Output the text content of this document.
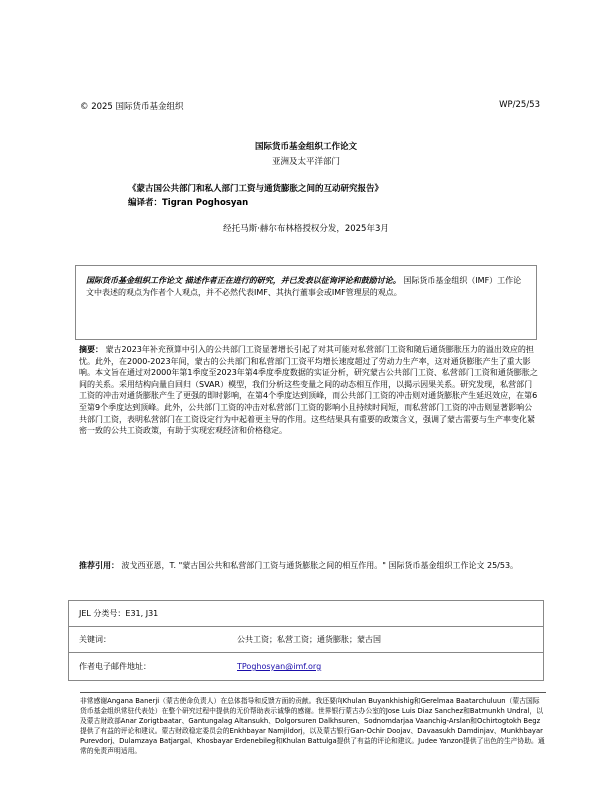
© 2025 国际货币基金组织	WP/25/53
国际货币基金组织工作论文
亚洲及太平洋部门
《蒙古国公共部门和私人部门工资与通货膨胀之间的互动研究报告》
编译者：Tigran Poghosyan
经托马斯·赫尔布林格授权分发，2025年3月
国际货币基金组织工作论文 描述作者正在进行的研究，并已发表以征询评论和鼓励讨论。 国际货币基金组织（IMF）工作论文中表述的观点为作者个人观点，并不必然代表IMF、其执行董事会或IMF管理层的观点。
摘要： 蒙古2023年补充预算中引入的公共部门工资显著增长引起了对其可能对私营部门工资和随后通货膨胀压力的溢出效应的担忧。此外，在2000-2023年间，蒙古的公共部门和私营部门工资平均增长速度超过了劳动力生产率，这对通货膨胀产生了重大影响。本文旨在通过对2000年第1季度至2023年第4季度季度数据的实证分析，研究蒙古公共部门工资、私营部门工资和通货膨胀之间的关系。采用结构向量自回归（SVAR）模型，我们分析这些变量之间的动态相互作用，以揭示因果关系。研究发现，私营部门工资的冲击对通货膨胀产生了更强的即时影响，在第4个季度达到顶峰，而公共部门工资的冲击则对通货膨胀产生延迟效应，在第6至第9个季度达到顶峰。此外，公共部门工资的冲击对私营部门工资的影响小且持续时间短，而私营部门工资的冲击则显著影响公共部门工资，表明私营部门在工资设定行为中起着更主导的作用。这些结果具有重要的政策含义，强调了蒙古需要与生产率变化紧密一致的公共工资政策，有助于实现宏观经济和价格稳定。
推荐引用： 波戈西亚恩，T. "蒙古国公共和私营部门工资与通货膨胀之间的相互作用。" 国际货币基金组织工作论文 25/53。
JEL 分类号：E31, J31
关键词：	公共工资；私营工资；通货膨胀；蒙古国
作者电子邮件地址：	TPoghosyan@imf.org
非常感谢Angana Banerji（蒙古使命负责人）在总体指导和反馈方面的贡献。我还要向Khulan Buyankhishig和Gerelmaa Baatarchuluun（蒙古国际货币基金组织常驻代表处）在整个研究过程中提供的无价帮助表示诚挚的感谢。世界银行蒙古办公室的Jose Luis Diaz Sanchez和Batmunkh Undral，以及蒙古财政部Anar Zorigtbaatar、Gantungalag Altansukh、Dolgorsuren Dalkhsuren、Sodnomdarjaa Vaanchig-Arslan和Ochirtogtokh Begz提供了有益的评论和建议。蒙古财政稳定委员会的Enkhbayar Namjildorj，以及蒙古银行Gan-Ochir Doojav、Davaasukh Damdinjav、Munkhbayar Purevdorj、Dulamzaya Batjargal、Khosbayar Erdenebileg和Khulan Battulga提供了有益的评论和建议。Judee Yanzon提供了出色的生产协助。通常的免责声明适用。
